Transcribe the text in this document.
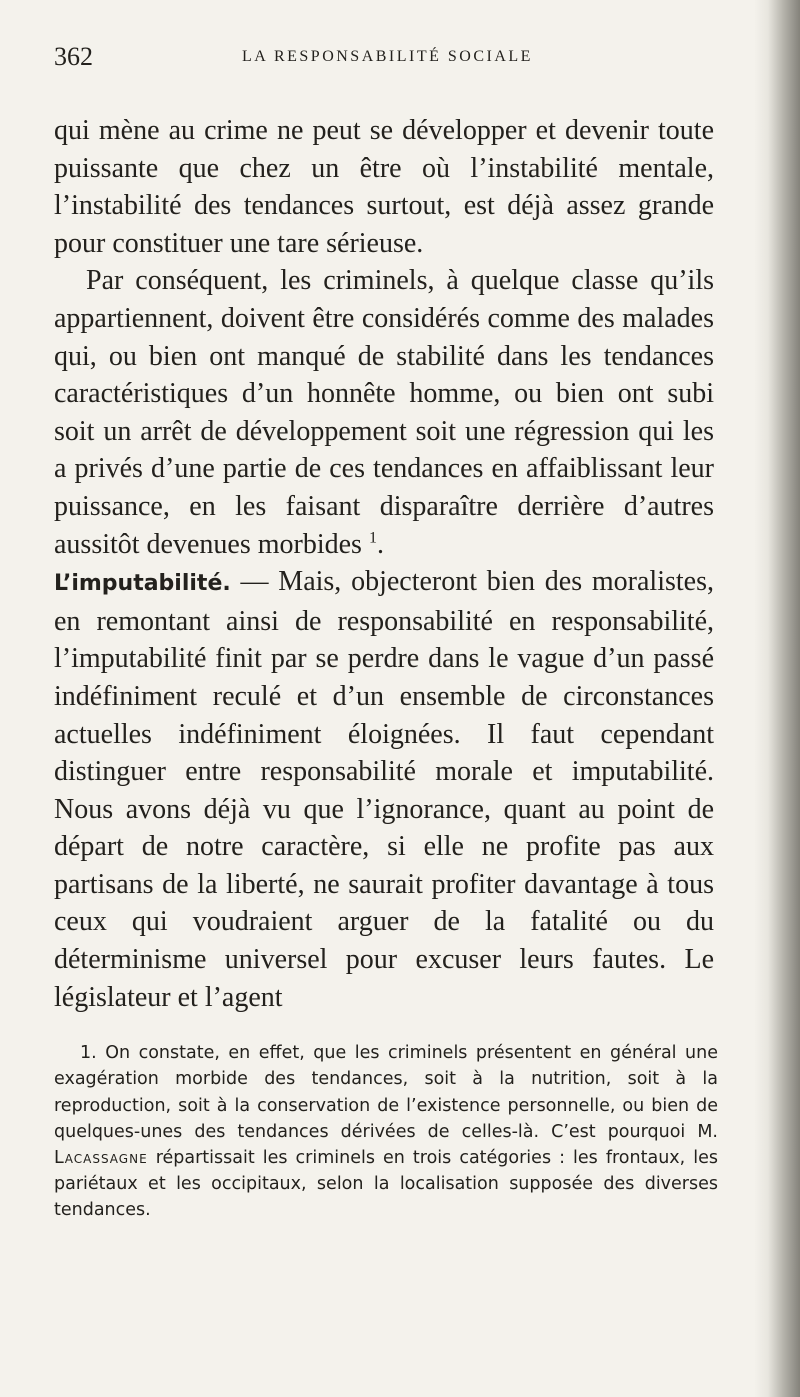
362	LA RESPONSABILITÉ SOCIALE

qui mène au crime ne peut se développer et devenir toute puissante que chez un être où l’instabilité mentale, l’instabilité des tendances surtout, est déjà assez grande pour constituer une tare sérieuse.

Par conséquent, les criminels, à quelque classe qu’ils appartiennent, doivent être considérés comme des malades qui, ou bien ont manqué de stabilité dans les tendances caractéristiques d’un honnête homme, ou bien ont subi soit un arrêt de développement soit une régression qui les a privés d’une partie de ces tendances en affaiblissant leur puissance, en les faisant disparaître derrière d’autres aussitôt devenues morbides $^1$.

L’imputabilité. — Mais, objecteront bien des moralistes, en remontant ainsi de responsabilité en responsabilité, l’imputabilité finit par se perdre dans le vague d’un passé indéfiniment reculé et d’un ensemble de circonstances actuelles indéfiniment éloignées. Il faut cependant distinguer entre responsabilité morale et imputabilité. Nous avons déjà vu que l’ignorance, quant au point de départ de notre caractère, si elle ne profite pas aux partisans de la liberté, ne saurait profiter davantage à tous ceux qui voudraient arguer de la fatalité ou du déterminisme universel pour excuser leurs fautes. Le législateur et l’agent

1. On constate, en effet, que les criminels présentent en général une exagération morbide des tendances, soit à la nutrition, soit à la reproduction, soit à la conservation de l’existence personnelle, ou bien de quelques-unes des tendances dérivées de celles-là. C’est pourquoi M. Lacassagne répartissait les criminels en trois catégories : les frontaux, les pariétaux et les occipitaux, selon la localisation supposée des diverses tendances.
